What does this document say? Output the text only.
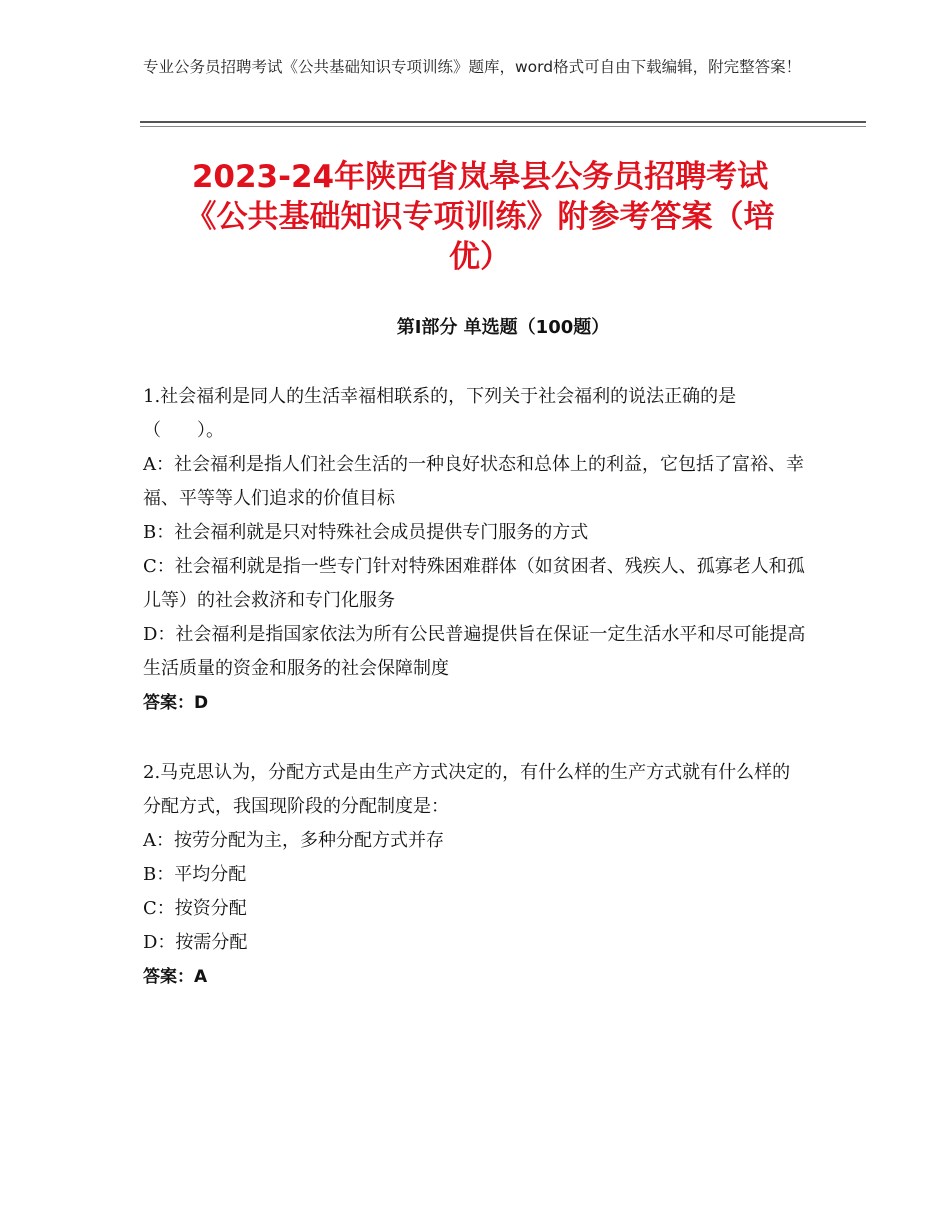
专业公务员招聘考试《公共基础知识专项训练》题库，word格式可自由下载编辑，附完整答案！
2023-24年陕西省岚皋县公务员招聘考试
《公共基础知识专项训练》附参考答案（培
优）
第Ⅰ部分 单选题（100题）
1.社会福利是同人的生活幸福相联系的，下列关于社会福利的说法正确的是（　　）。
A：社会福利是指人们社会生活的一种良好状态和总体上的利益，它包括了富裕、幸福、平等等人们追求的价值目标
B：社会福利就是只对特殊社会成员提供专门服务的方式
C：社会福利就是指一些专门针对特殊困难群体（如贫困者、残疾人、孤寡老人和孤儿等）的社会救济和专门化服务
D：社会福利是指国家依法为所有公民普遍提供旨在保证一定生活水平和尽可能提高生活质量的资金和服务的社会保障制度
答案：D
2.马克思认为，分配方式是由生产方式决定的，有什么样的生产方式就有什么样的分配方式，我国现阶段的分配制度是：
A：按劳分配为主，多种分配方式并存
B：平均分配
C：按资分配
D：按需分配
答案：A
